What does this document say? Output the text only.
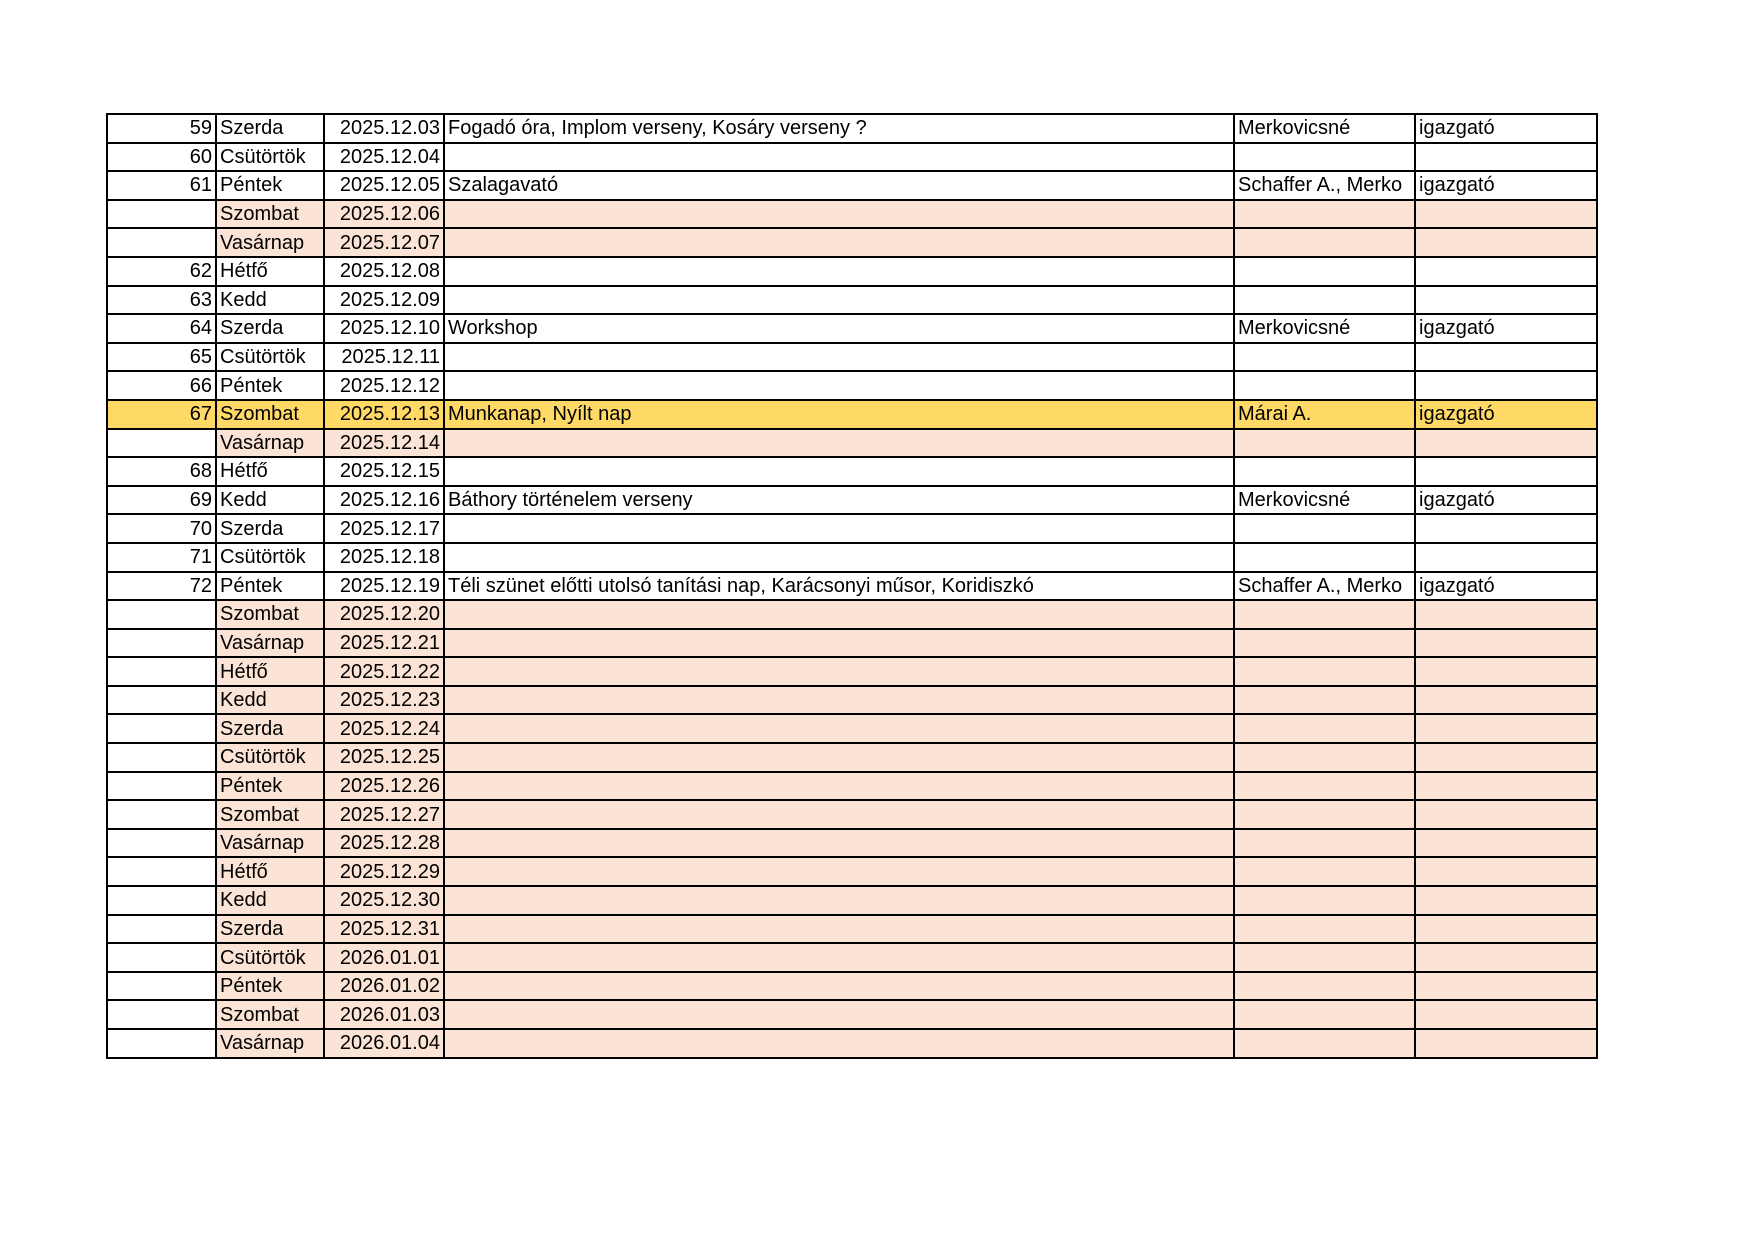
59	Szerda	2025.12.03	Fogadó óra, Implom verseny, Kosáry verseny ?	Merkovicsné	igazgató
60	Csütörtök	2025.12.04			
61	Péntek	2025.12.05	Szalagavató	Schaffer A., Merko	igazgató
	Szombat	2025.12.06			
	Vasárnap	2025.12.07			
62	Hétfő	2025.12.08			
63	Kedd	2025.12.09			
64	Szerda	2025.12.10	Workshop	Merkovicsné	igazgató
65	Csütörtök	2025.12.11			
66	Péntek	2025.12.12			
67	Szombat	2025.12.13	Munkanap, Nyílt nap	Márai A.	igazgató
	Vasárnap	2025.12.14			
68	Hétfő	2025.12.15			
69	Kedd	2025.12.16	Báthory történelem verseny	Merkovicsné	igazgató
70	Szerda	2025.12.17			
71	Csütörtök	2025.12.18			
72	Péntek	2025.12.19	Téli szünet előtti utolsó tanítási nap, Karácsonyi műsor, Koridiszkó	Schaffer A., Merko	igazgató
	Szombat	2025.12.20			
	Vasárnap	2025.12.21			
	Hétfő	2025.12.22			
	Kedd	2025.12.23			
	Szerda	2025.12.24			
	Csütörtök	2025.12.25			
	Péntek	2025.12.26			
	Szombat	2025.12.27			
	Vasárnap	2025.12.28			
	Hétfő	2025.12.29			
	Kedd	2025.12.30			
	Szerda	2025.12.31			
	Csütörtök	2026.01.01			
	Péntek	2026.01.02			
	Szombat	2026.01.03			
	Vasárnap	2026.01.04			
